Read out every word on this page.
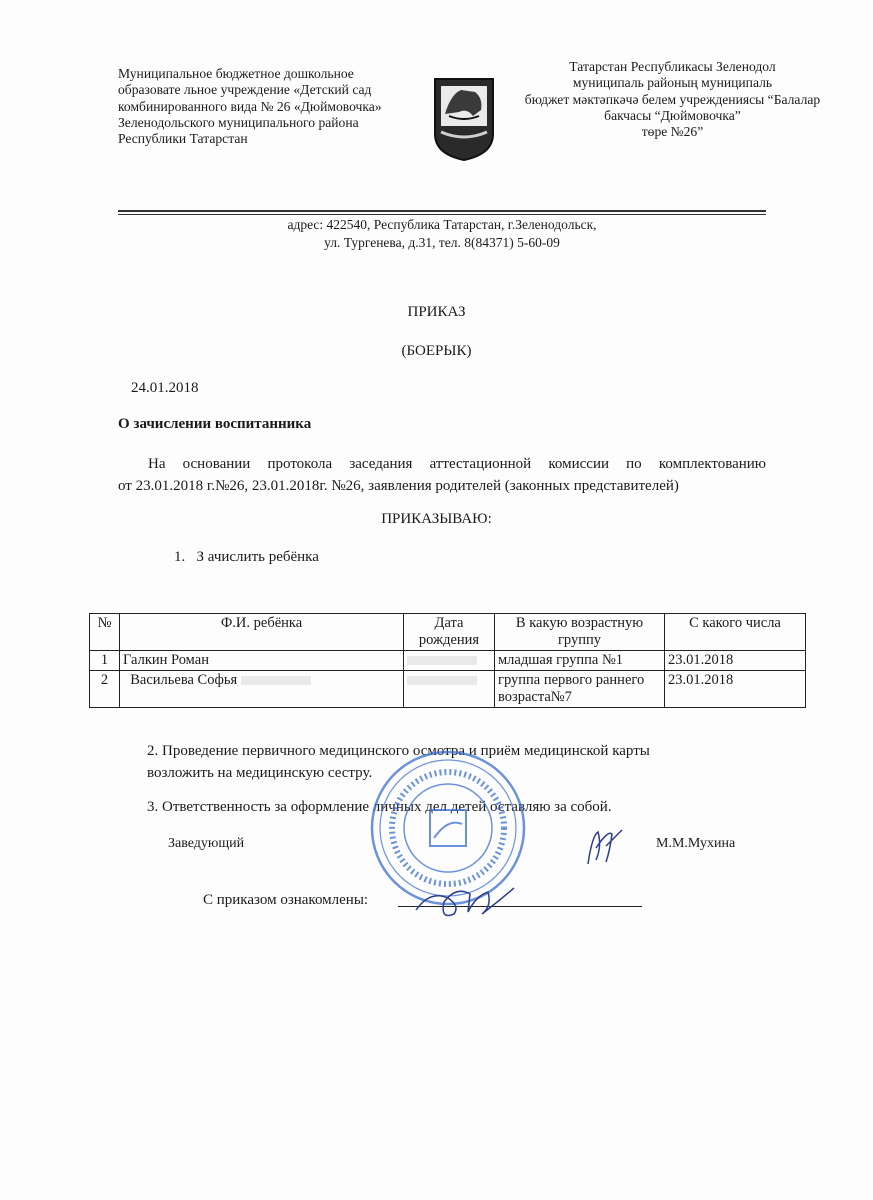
Муниципальное бюджетное дошкольное
образовате льное учреждение «Детский сад
комбинированного вида № 26 «Дюймовочка»
Зеленодольского муниципального района
Республики Татарстан
Татарстан Республикасы Зеленодол
муниципаль районың муниципаль
бюджет мәктәпкәчә белем учреждениясы “Балалар
бакчасы “Дюймовочка”
төре №26”
адрес: 422540, Республика Татарстан, г.Зеленодольск,
ул. Тургенева, д.31, тел. 8(84371) 5-60-09
ПРИКАЗ
(БОЕРЫК)
24.01.2018
О зачислении воспитанника
На основании протокола заседания аттестационной комиссии по комплектованию
от 23.01.2018 г.№26, 23.01.2018г. №26, заявления родителей (законных представителей)
ПРИКАЗЫВАЮ:
1. З ачислить ребёнка
№	Ф.И. ребёнка	Дата рождения	В какую возрастную группу	С какого числа
1	Галкин Роман		младшая группа №1	23.01.2018
2	Васильева Софья		группа первого раннего возраста№7	23.01.2018
2. Проведение первичного медицинского осмотра и приём медицинской карты
возложить на медицинскую сестру.
3. Ответственность за оформление личных дел детей оставляю за собой.
Заведующий	М.М.Мухина
С приказом ознакомлены:
